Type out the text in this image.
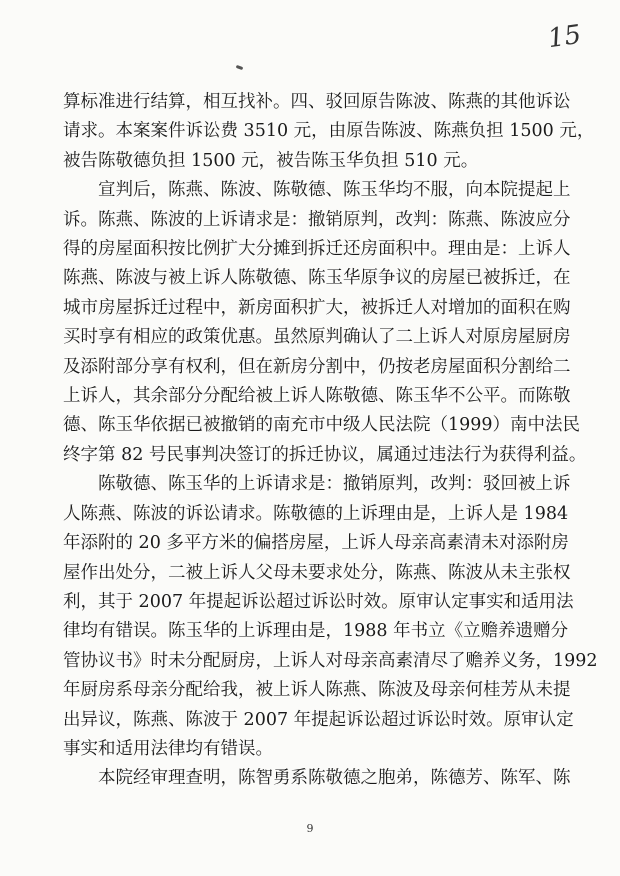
15
算标准进行结算，相互找补。四、驳回原告陈波、陈燕的其他诉讼
请求。本案案件诉讼费 3510 元，由原告陈波、陈燕负担 1500 元，
被告陈敬德负担 1500 元，被告陈玉华负担 510 元。
　　宣判后，陈燕、陈波、陈敬德、陈玉华均不服，向本院提起上
诉。陈燕、陈波的上诉请求是：撤销原判，改判：陈燕、陈波应分
得的房屋面积按比例扩大分摊到拆迁还房面积中。理由是：上诉人
陈燕、陈波与被上诉人陈敬德、陈玉华原争议的房屋已被拆迁，在
城市房屋拆迁过程中，新房面积扩大，被拆迁人对增加的面积在购
买时享有相应的政策优惠。虽然原判确认了二上诉人对原房屋厨房
及添附部分享有权利，但在新房分割中，仍按老房屋面积分割给二
上诉人，其余部分分配给被上诉人陈敬德、陈玉华不公平。而陈敬
德、陈玉华依据已被撤销的南充市中级人民法院（1999）南中法民
终字第 82 号民事判决签订的拆迁协议，属通过违法行为获得利益。
　　陈敬德、陈玉华的上诉请求是：撤销原判，改判：驳回被上诉
人陈燕、陈波的诉讼请求。陈敬德的上诉理由是，上诉人是 1984
年添附的 20 多平方米的偏搭房屋，上诉人母亲高素清未对添附房
屋作出处分，二被上诉人父母未要求处分，陈燕、陈波从未主张权
利，其于 2007 年提起诉讼超过诉讼时效。原审认定事实和适用法
律均有错误。陈玉华的上诉理由是，1988 年书立《立赡养遗赠分
管协议书》时未分配厨房，上诉人对母亲高素清尽了赡养义务，1992
年厨房系母亲分配给我，被上诉人陈燕、陈波及母亲何桂芳从未提
出异议，陈燕、陈波于 2007 年提起诉讼超过诉讼时效。原审认定
事实和适用法律均有错误。
　　本院经审理查明，陈智勇系陈敬德之胞弟，陈德芳、陈军、陈
9
